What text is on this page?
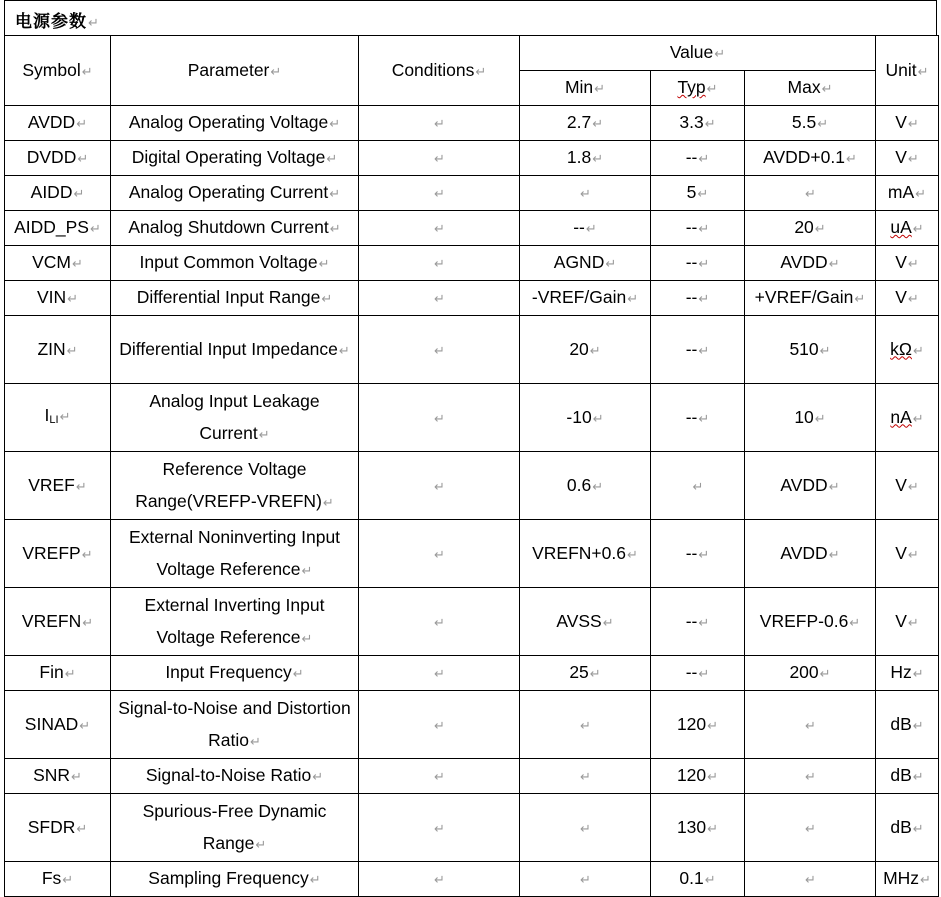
电源参数↵
Symbol↵	Parameter↵	Conditions↵	Value↵			Unit↵
			Min↵	Typ↵	Max↵	
AVDD↵	Analog Operating Voltage↵	↵	2.7↵	3.3↵	5.5↵	V↵
DVDD↵	Digital Operating Voltage↵	↵	1.8↵	--↵	AVDD+0.1↵	V↵
AIDD↵	Analog Operating Current↵	↵	↵	5↵	↵	mA↵
AIDD_PS↵	Analog Shutdown Current↵	↵	--↵	--↵	20↵	uA↵
VCM↵	Input Common Voltage↵	↵	AGND↵	--↵	AVDD↵	V↵
VIN↵	Differential Input Range↵	↵	-VREF/Gain↵	--↵	+VREF/Gain↵	V↵
ZIN↵	Differential Input Impedance↵	↵	20↵	--↵	510↵	kΩ↵
ILI↵	Analog Input Leakage Current↵	↵	-10↵	--↵	10↵	nA↵
VREF↵	Reference Voltage Range(VREFP-VREFN)↵	↵	0.6↵	↵	AVDD↵	V↵
VREFP↵	External Noninverting Input Voltage Reference↵	↵	VREFN+0.6↵	--↵	AVDD↵	V↵
VREFN↵	External Inverting Input Voltage Reference↵	↵	AVSS↵	--↵	VREFP-0.6↵	V↵
Fin↵	Input Frequency↵	↵	25↵	--↵	200↵	Hz↵
SINAD↵	Signal-to-Noise and Distortion Ratio↵	↵	↵	120↵	↵	dB↵
SNR↵	Signal-to-Noise Ratio↵	↵	↵	120↵	↵	dB↵
SFDR↵	Spurious-Free Dynamic Range↵	↵	↵	130↵	↵	dB↵
Fs↵	Sampling Frequency↵	↵	↵	0.1↵	↵	MHz↵
